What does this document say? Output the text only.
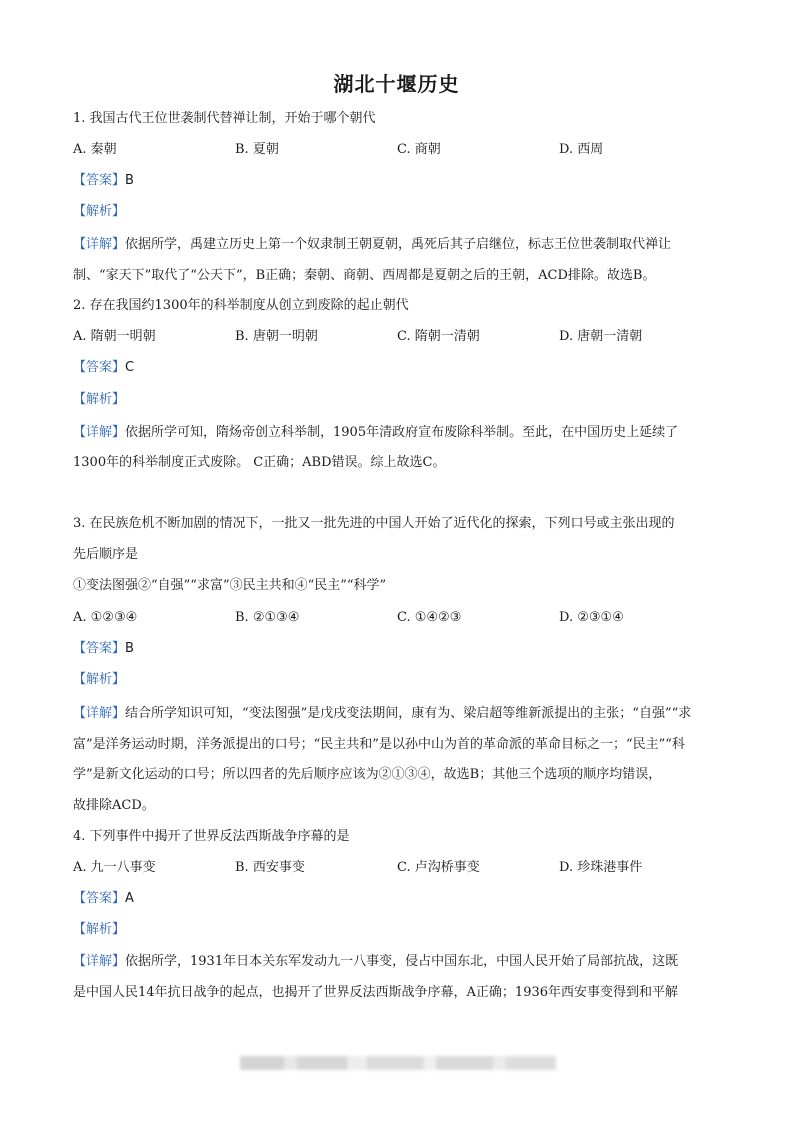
湖北十堰历史
1. 我国古代王位世袭制代替禅让制，开始于哪个朝代
A. 秦朝	B. 夏朝	C. 商朝	D. 西周
【答案】B
【解析】
【详解】依据所学，禹建立历史上第一个奴隶制王朝夏朝，禹死后其子启继位，标志王位世袭制取代禅让
制、“家天下”取代了“公天下”，B正确；秦朝、商朝、西周都是夏朝之后的王朝，ACD排除。故选B。
2. 存在我国约1300年的科举制度从创立到废除的起止朝代
A. 隋朝一明朝	B. 唐朝一明朝	C. 隋朝一清朝	D. 唐朝一清朝
【答案】C
【解析】
【详解】依据所学可知，隋炀帝创立科举制，1905年清政府宣布废除科举制。至此，在中国历史上延续了
1300年的科举制度正式废除。 C正确；ABD错误。综上故选C。
3. 在民族危机不断加剧的情况下，一批又一批先进的中国人开始了近代化的探索，下列口号或主张出现的
先后顺序是
①变法图强②“自强”“求富”③民主共和④“民主”“科学”
A. ①②③④	B. ②①③④	C. ①④②③	D. ②③①④
【答案】B
【解析】
【详解】结合所学知识可知，“变法图强”是戊戌变法期间，康有为、梁启超等维新派提出的主张；“自强”“求
富”是洋务运动时期，洋务派提出的口号；“民主共和”是以孙中山为首的革命派的革命目标之一；“民主”“科
学”是新文化运动的口号；所以四者的先后顺序应该为②①③④，故选B；其他三个选项的顺序均错误，
故排除ACD。
4. 下列事件中揭开了世界反法西斯战争序幕的是
A. 九一八事变	B. 西安事变	C. 卢沟桥事变	D. 珍珠港事件
【答案】A
【解析】
【详解】依据所学，1931年日本关东军发动九一八事变，侵占中国东北，中国人民开始了局部抗战，这既
是中国人民14年抗日战争的起点，也揭开了世界反法西斯战争序幕，A正确；1936年西安事变得到和平解
